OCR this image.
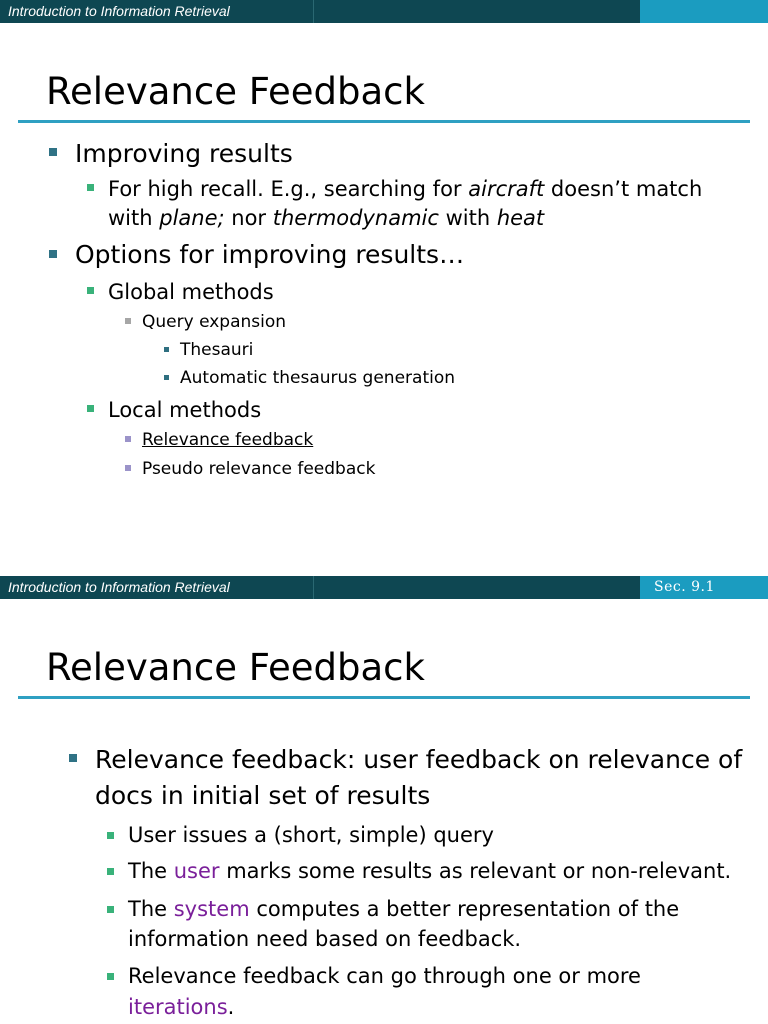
Introduction to Information Retrieval
Relevance Feedback
Improving results
For high recall. E.g., searching for aircraft doesn’t match
with plane; nor thermodynamic with heat
Options for improving results…
Global methods
Query expansion
Thesauri
Automatic thesaurus generation
Local methods
Relevance feedback
Pseudo relevance feedback
Introduction to Information Retrieval	Sec. 9.1
Relevance Feedback
Relevance feedback: user feedback on relevance of
docs in initial set of results
User issues a (short, simple) query
The user marks some results as relevant or non-relevant.
The system computes a better representation of the
information need based on feedback.
Relevance feedback can go through one or more
iterations.
